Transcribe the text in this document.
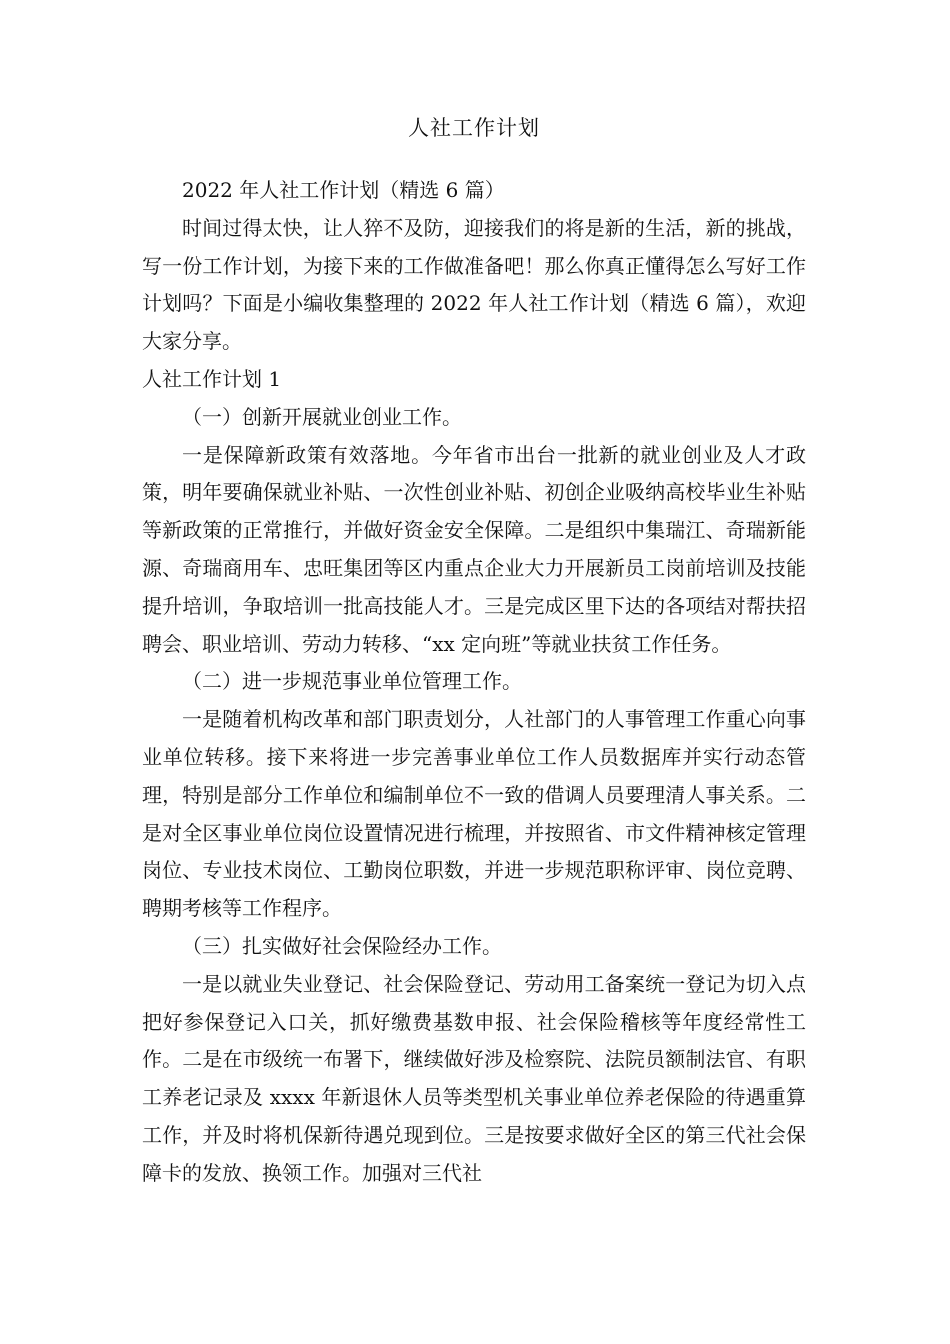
人社工作计划

2022 年人社工作计划（精选 6 篇）

时间过得太快，让人猝不及防，迎接我们的将是新的生活，新的挑战，写一份工作计划，为接下来的工作做准备吧！那么你真正懂得怎么写好工作计划吗？下面是小编收集整理的 2022 年人社工作计划（精选 6 篇），欢迎大家分享。

人社工作计划 1

（一）创新开展就业创业工作。

一是保障新政策有效落地。今年省市出台一批新的就业创业及人才政策，明年要确保就业补贴、一次性创业补贴、初创企业吸纳高校毕业生补贴等新政策的正常推行，并做好资金安全保障。二是组织中集瑞江、奇瑞新能源、奇瑞商用车、忠旺集团等区内重点企业大力开展新员工岗前培训及技能提升培训，争取培训一批高技能人才。三是完成区里下达的各项结对帮扶招聘会、职业培训、劳动力转移、“xx 定向班”等就业扶贫工作任务。

（二）进一步规范事业单位管理工作。

一是随着机构改革和部门职责划分，人社部门的人事管理工作重心向事业单位转移。接下来将进一步完善事业单位工作人员数据库并实行动态管理，特别是部分工作单位和编制单位不一致的借调人员要理清人事关系。二是对全区事业单位岗位设置情况进行梳理，并按照省、市文件精神核定管理岗位、专业技术岗位、工勤岗位职数，并进一步规范职称评审、岗位竞聘、聘期考核等工作程序。

（三）扎实做好社会保险经办工作。

一是以就业失业登记、社会保险登记、劳动用工备案统一登记为切入点把好参保登记入口关，抓好缴费基数申报、社会保险稽核等年度经常性工作。二是在市级统一布署下，继续做好涉及检察院、法院员额制法官、有职工养老记录及 xxxx 年新退休人员等类型机关事业单位养老保险的待遇重算工作，并及时将机保新待遇兑现到位。三是按要求做好全区的第三代社会保障卡的发放、换领工作。加强对三代社
